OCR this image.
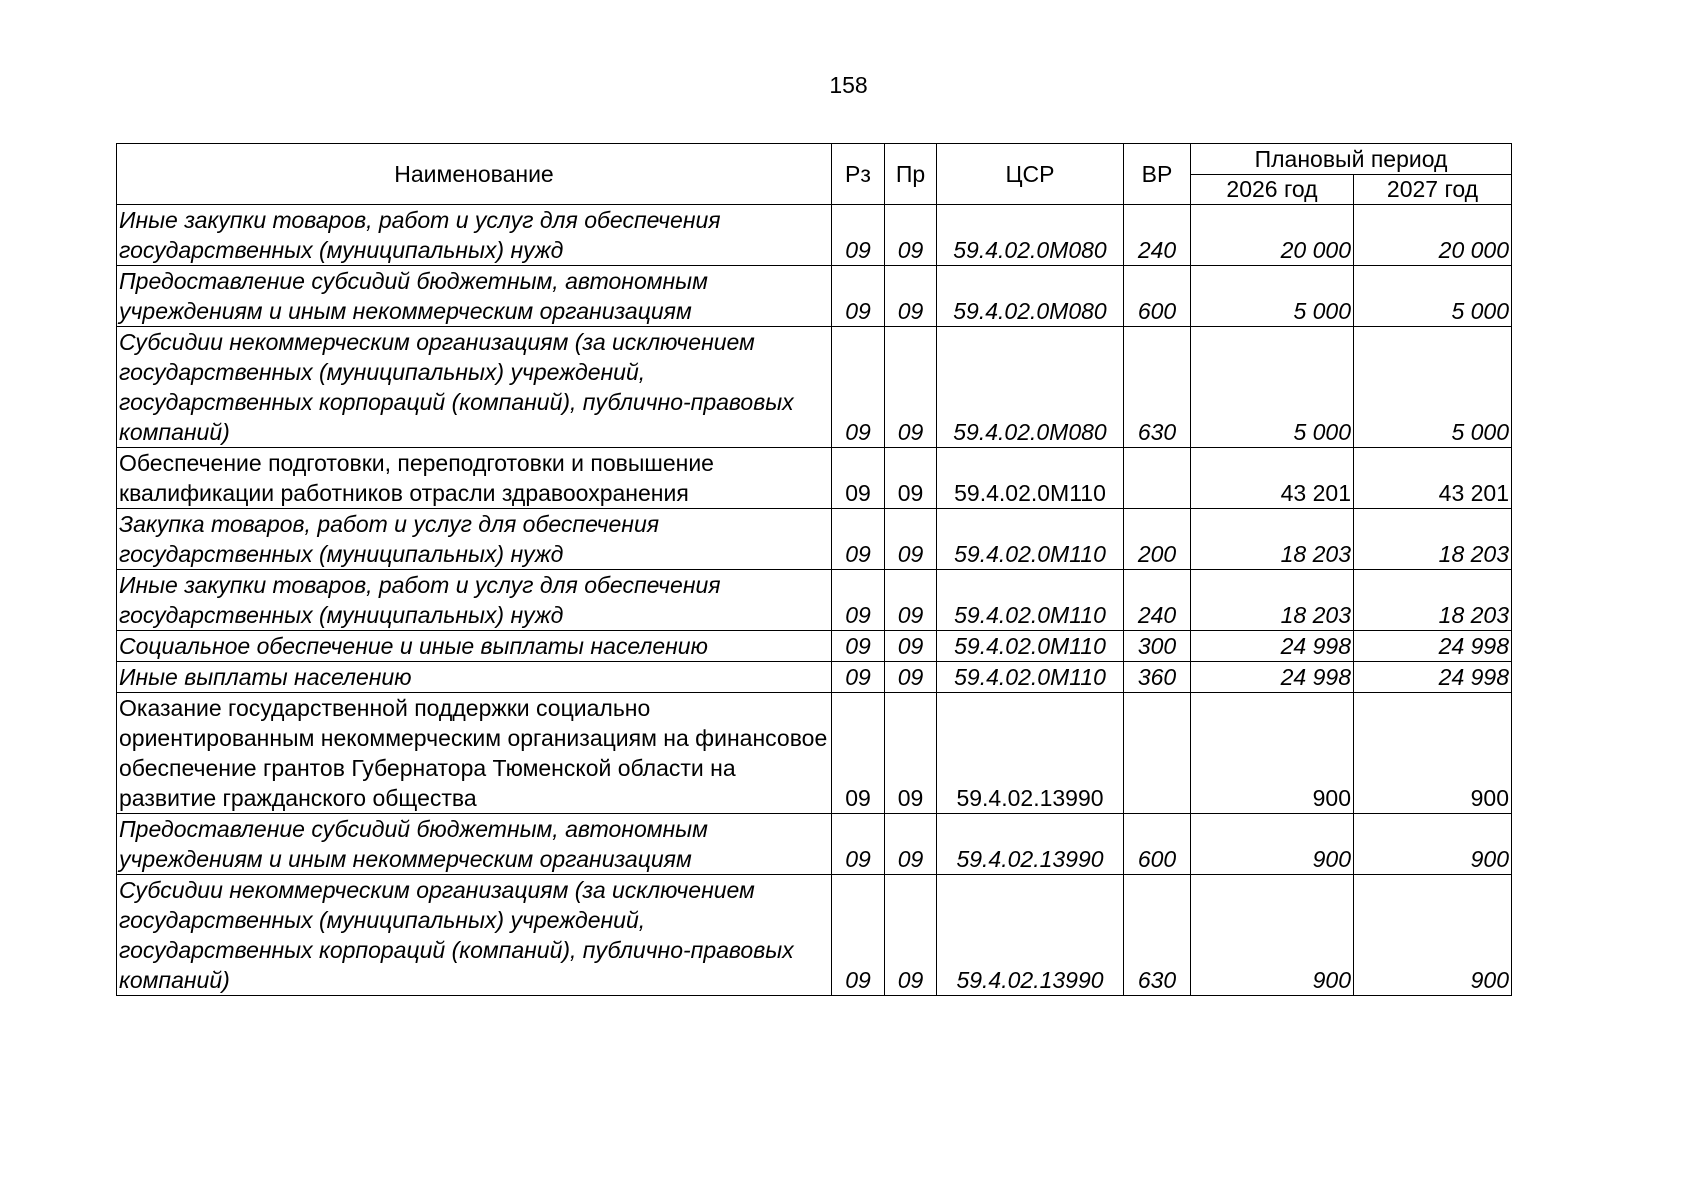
158
Наименование	Рз	Пр	ЦСР	ВР	Плановый период	
					2026 год	2027 год
Иные закупки товаров, работ и услуг для обеспечения государственных (муниципальных) нужд	09	09	59.4.02.0М080	240	20 000	20 000
Предоставление субсидий бюджетным, автономным учреждениям и иным некоммерческим организациям	09	09	59.4.02.0М080	600	5 000	5 000
Субсидии некоммерческим организациям (за исключением государственных (муниципальных) учреждений, государственных корпораций (компаний), публично-правовых компаний)	09	09	59.4.02.0М080	630	5 000	5 000
Обеспечение подготовки, переподготовки и повышение квалификации работников отрасли здравоохранения	09	09	59.4.02.0М110		43 201	43 201
Закупка товаров, работ и услуг для обеспечения государственных (муниципальных) нужд	09	09	59.4.02.0М110	200	18 203	18 203
Иные закупки товаров, работ и услуг для обеспечения государственных (муниципальных) нужд	09	09	59.4.02.0М110	240	18 203	18 203
Социальное обеспечение и иные выплаты населению	09	09	59.4.02.0М110	300	24 998	24 998
Иные выплаты населению	09	09	59.4.02.0М110	360	24 998	24 998
Оказание государственной поддержки социально ориентированным некоммерческим организациям на финансовое обеспечение грантов Губернатора Тюменской области на развитие гражданского общества	09	09	59.4.02.13990		900	900
Предоставление субсидий бюджетным, автономным учреждениям и иным некоммерческим организациям	09	09	59.4.02.13990	600	900	900
Субсидии некоммерческим организациям (за исключением государственных (муниципальных) учреждений, государственных корпораций (компаний), публично-правовых компаний)	09	09	59.4.02.13990	630	900	900
